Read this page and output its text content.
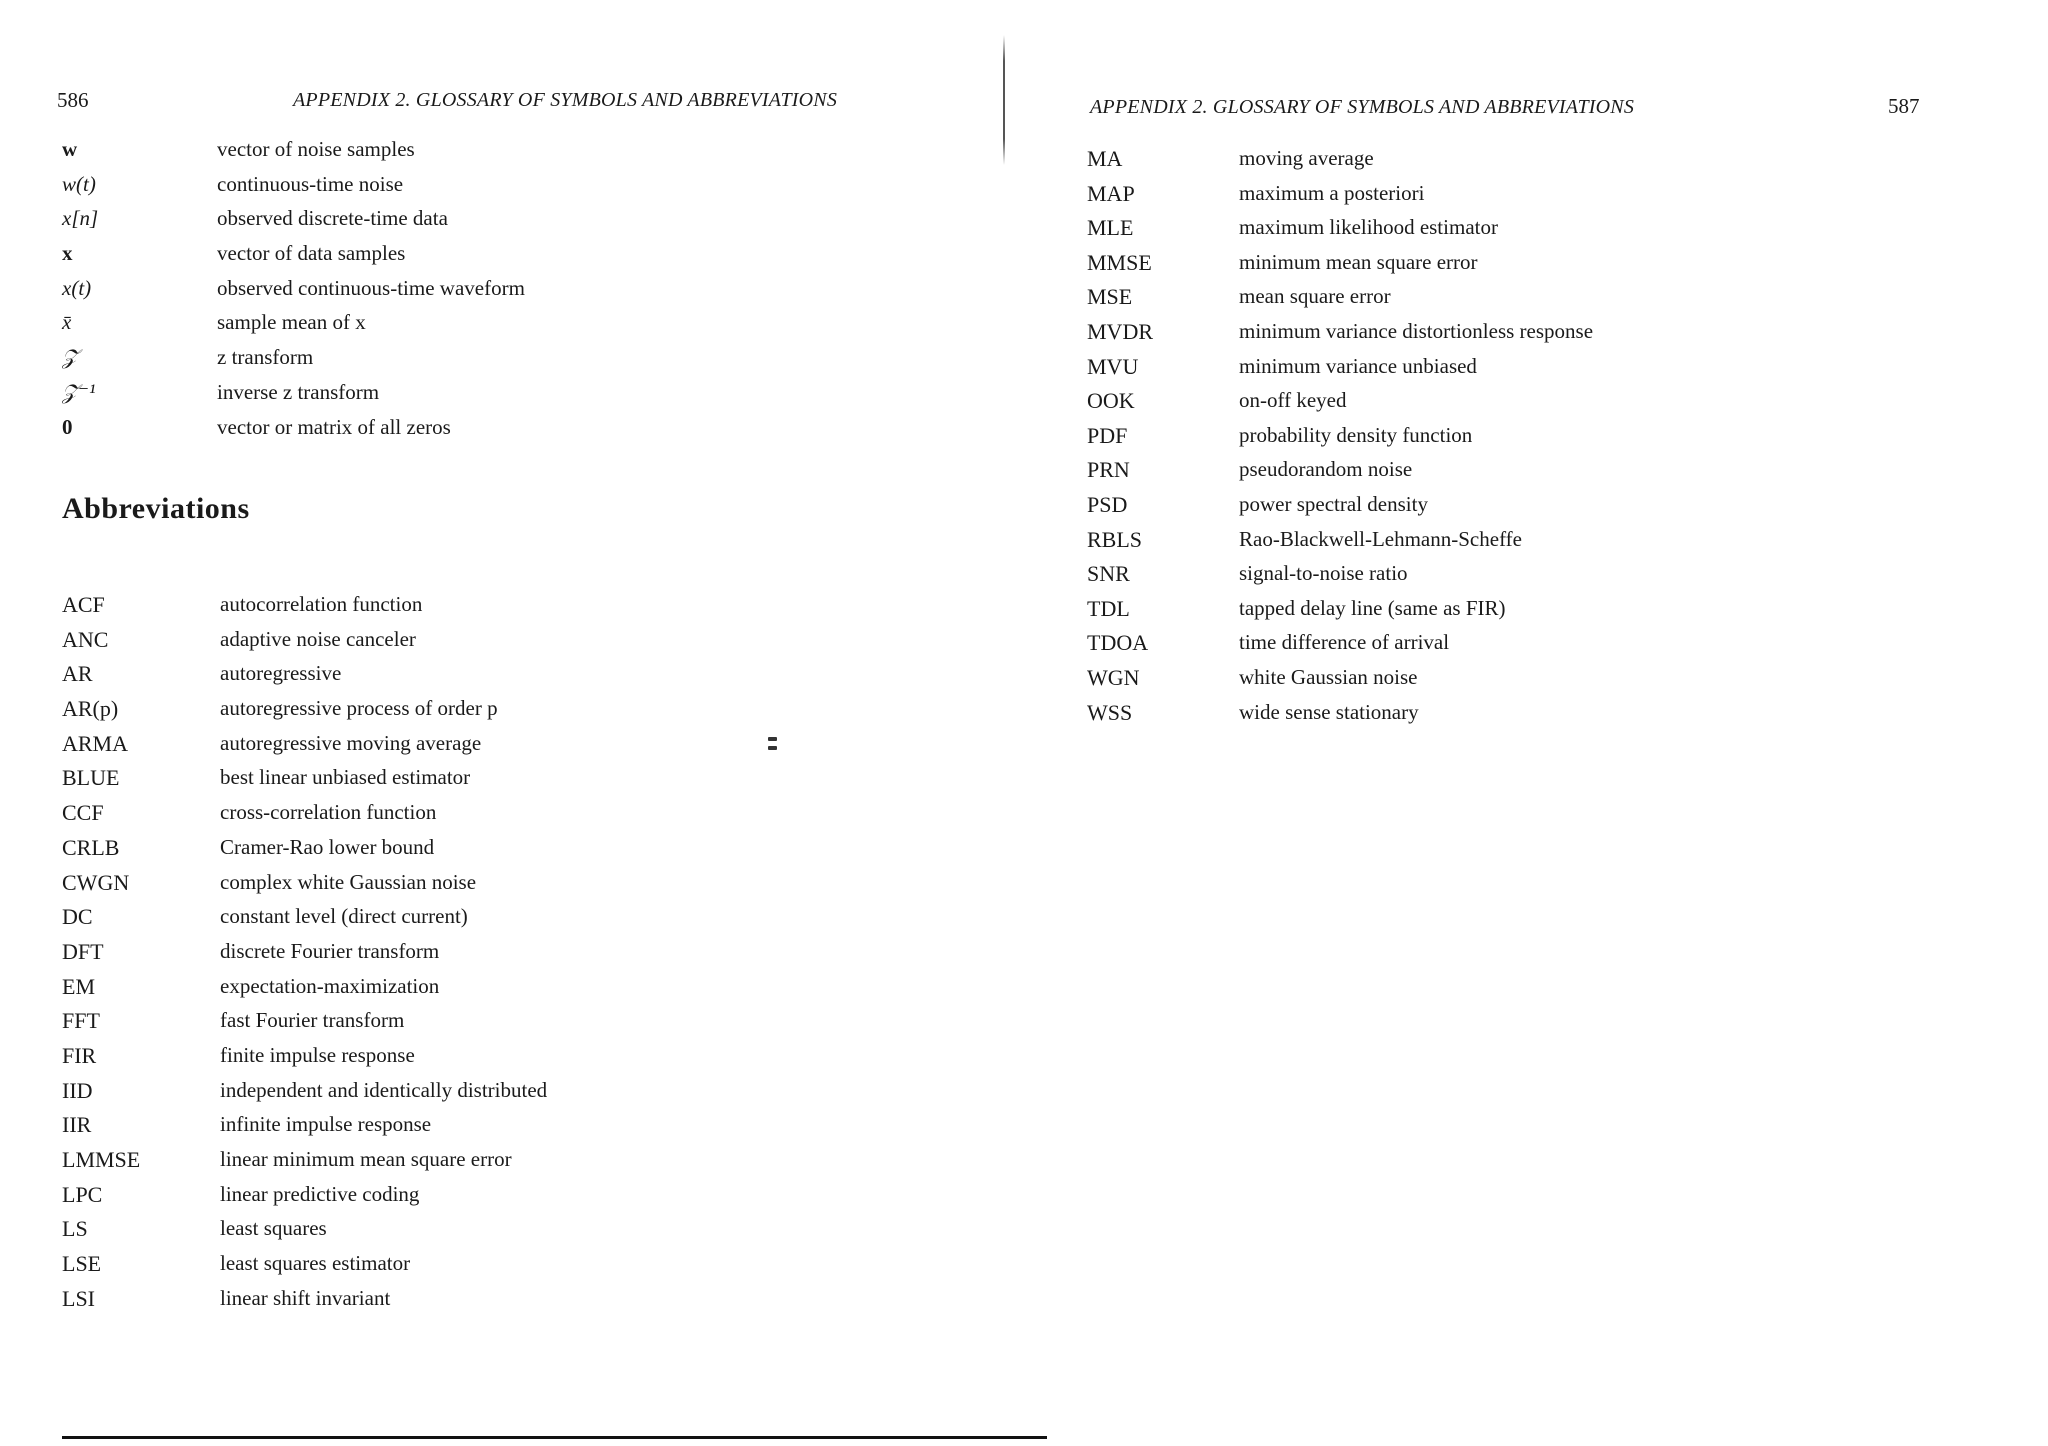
586	APPENDIX 2. GLOSSARY OF SYMBOLS AND ABBREVIATIONS
w	vector of noise samples
w(t)	continuous-time noise
x[n]	observed discrete-time data
x	vector of data samples
x(t)	observed continuous-time waveform
x̄	sample mean of x
𝒵	z transform
𝒵⁻¹	inverse z transform
0	vector or matrix of all zeros
Abbreviations
ACF	autocorrelation function
ANC	adaptive noise canceler
AR	autoregressive
AR(p)	autoregressive process of order p
ARMA	autoregressive moving average
BLUE	best linear unbiased estimator
CCF	cross-correlation function
CRLB	Cramer-Rao lower bound
CWGN	complex white Gaussian noise
DC	constant level (direct current)
DFT	discrete Fourier transform
EM	expectation-maximization
FFT	fast Fourier transform
FIR	finite impulse response
IID	independent and identically distributed
IIR	infinite impulse response
LMMSE	linear minimum mean square error
LPC	linear predictive coding
LS	least squares
LSE	least squares estimator
LSI	linear shift invariant
APPENDIX 2. GLOSSARY OF SYMBOLS AND ABBREVIATIONS	587
MA	moving average
MAP	maximum a posteriori
MLE	maximum likelihood estimator
MMSE	minimum mean square error
MSE	mean square error
MVDR	minimum variance distortionless response
MVU	minimum variance unbiased
OOK	on-off keyed
PDF	probability density function
PRN	pseudorandom noise
PSD	power spectral density
RBLS	Rao-Blackwell-Lehmann-Scheffe
SNR	signal-to-noise ratio
TDL	tapped delay line (same as FIR)
TDOA	time difference of arrival
WGN	white Gaussian noise
WSS	wide sense stationary
